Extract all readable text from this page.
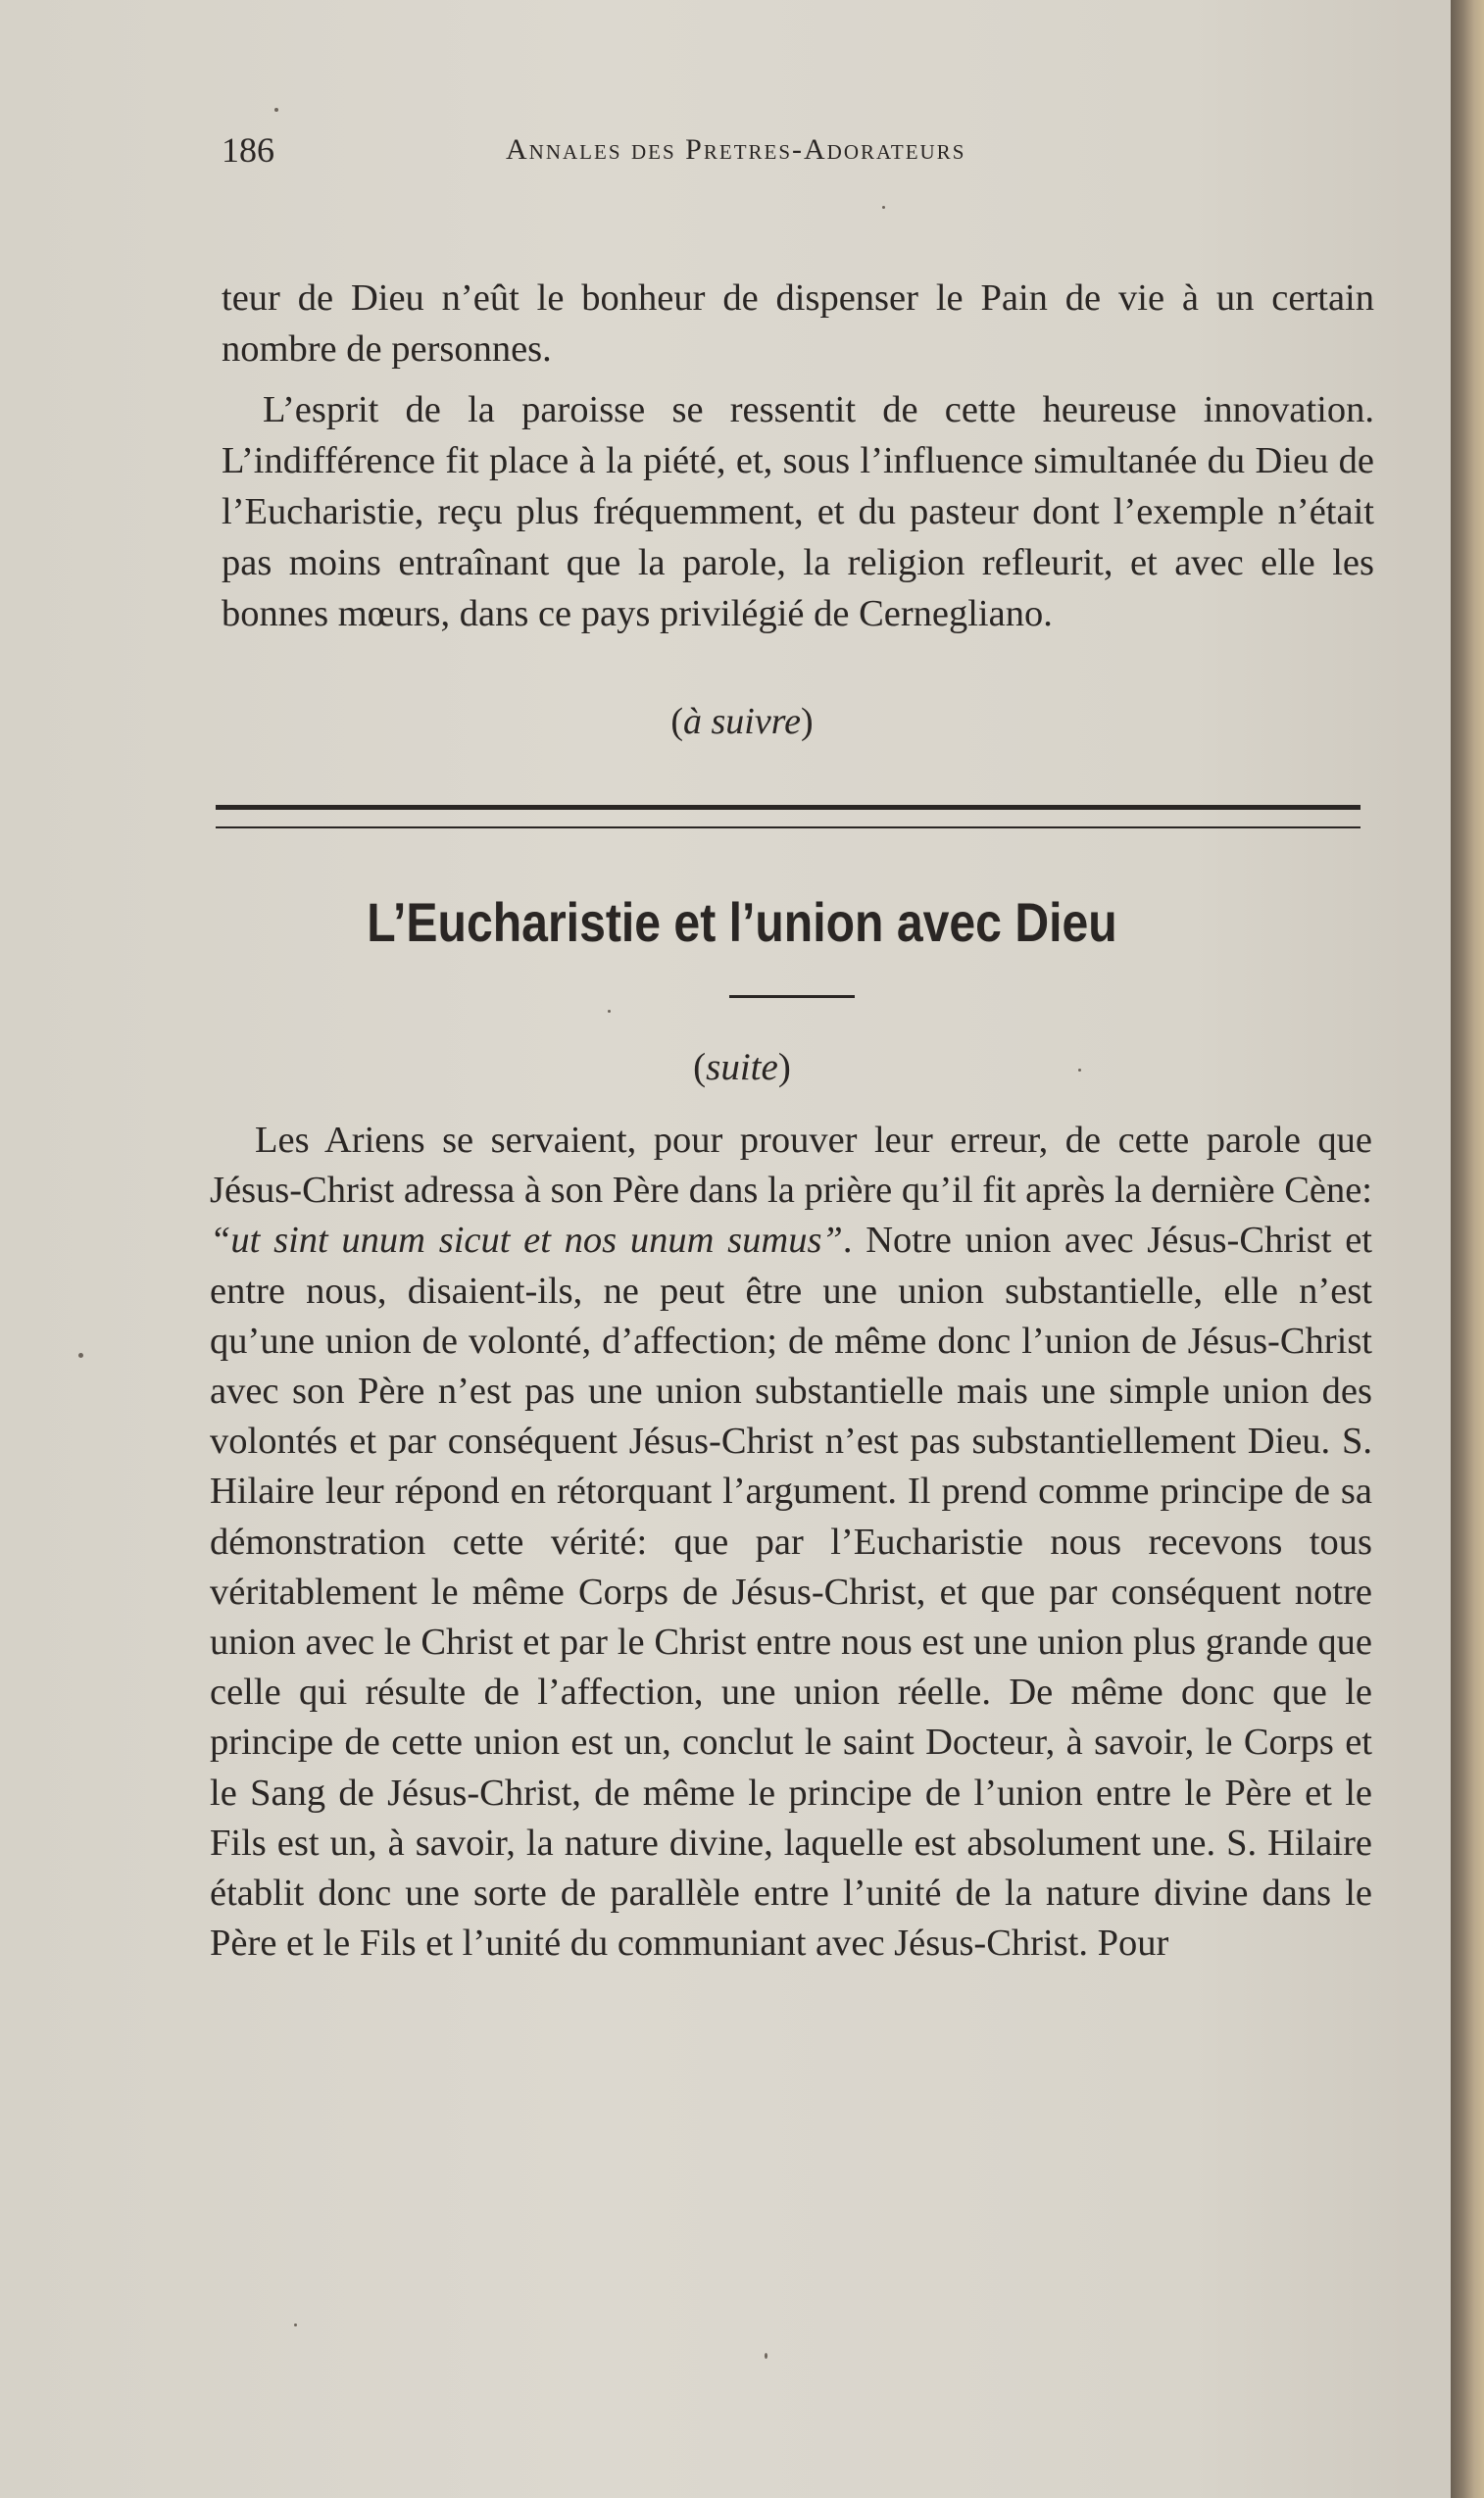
186	Annales des Pretres-Adorateurs

teur de Dieu n’eût le bonheur de dispenser le Pain de vie à un certain nombre de personnes.

L’esprit de la paroisse se ressentit de cette heureuse innovation. L’indifférence fit place à la piété, et, sous l’influence simultanée du Dieu de l’Eucharistie, reçu plus fréquemment, et du pasteur dont l’exemple n’était pas moins entraînant que la parole, la religion refleurit, et avec elle les bonnes mœurs, dans ce pays privilégié de Cernegliano.

(à suivre)
L’Eucharistie et l’union avec Dieu
(suite)

Les Ariens se servaient, pour prouver leur erreur, de cette parole que Jésus-Christ adressa à son Père dans la prière qu’il fit après la dernière Cène: “ut sint unum sicut et nos unum sumus”. Notre union avec Jésus-Christ et entre nous, disaient-ils, ne peut être une union substantielle, elle n’est qu’une union de volonté, d’affection; de même donc l’union de Jésus-Christ avec son Père n’est pas une union substantielle mais une simple union des volontés et par conséquent Jésus-Christ n’est pas substantiellement Dieu. S. Hilaire leur répond en rétorquant l’argument. Il prend comme principe de sa démonstration cette vérité: que par l’Eucharistie nous recevons tous véritablement le même Corps de Jésus-Christ, et que par conséquent notre union avec le Christ et par le Christ entre nous est une union plus grande que celle qui résulte de l’affection, une union réelle. De même donc que le principe de cette union est un, conclut le saint Docteur, à savoir, le Corps et le Sang de Jésus-Christ, de même le principe de l’union entre le Père et le Fils est un, à savoir, la nature divine, laquelle est absolument une. S. Hilaire établit donc une sorte de parallèle entre l’unité de la nature divine dans le Père et le Fils et l’unité du communiant avec Jésus-Christ. Pour
